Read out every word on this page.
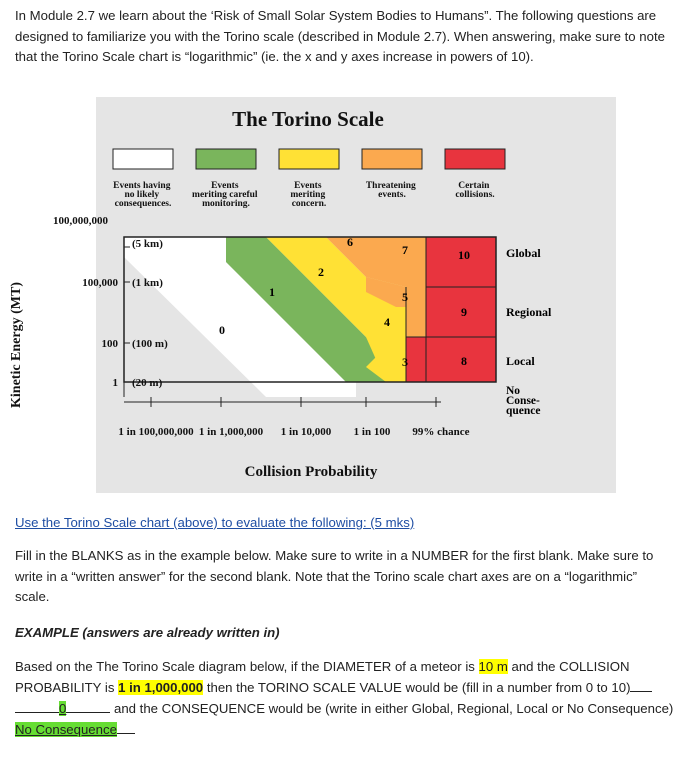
In Module 2.7 we learn about the ‘Risk of Small Solar System Bodies to Humans”. The following questions are designed to familiarize you with the Torino scale (described in Module 2.7). When answering, make sure to note that the Torino Scale chart is “logarithmic” (ie. the x and y axes increase in powers of 10).

The Torino Scale
Events having no likely consequences.
Events meriting careful monitoring.
Events meriting concern.
Threatening events.
Certain collisions.
0
1
2
3
4
5
6
7
8
9
10	Global
Regional
Local
No Conse- quence
100,000,000
(5 km)
100,000 (1 km)
100 (100 m)
1 (20 m)
Kinetic Energy (MT)
1 in 100,000,000 1 in 1,000,000 1 in 10,000 1 in 100 99% chance
Collision Probability

Use the Torino Scale chart (above) to evaluate the following: (5 mks)

Fill in the BLANKS as in the example below. Make sure to write in a NUMBER for the first blank. Make sure to write in a “written answer” for the second blank. Note that the Torino scale chart axes are on a “logarithmic” scale.

EXAMPLE (answers are already written in)

Based on the The Torino Scale diagram below, if the DIAMETER of a meteor is 10 m and the COLLISION PROBABILITY is 1 in 1,000,000 then the TORINO SCALE VALUE would be (fill in a number from 0 to 10)
0	and the CONSEQUENCE would be (write in either Global, Regional, Local or No Consequence) No Consequence
